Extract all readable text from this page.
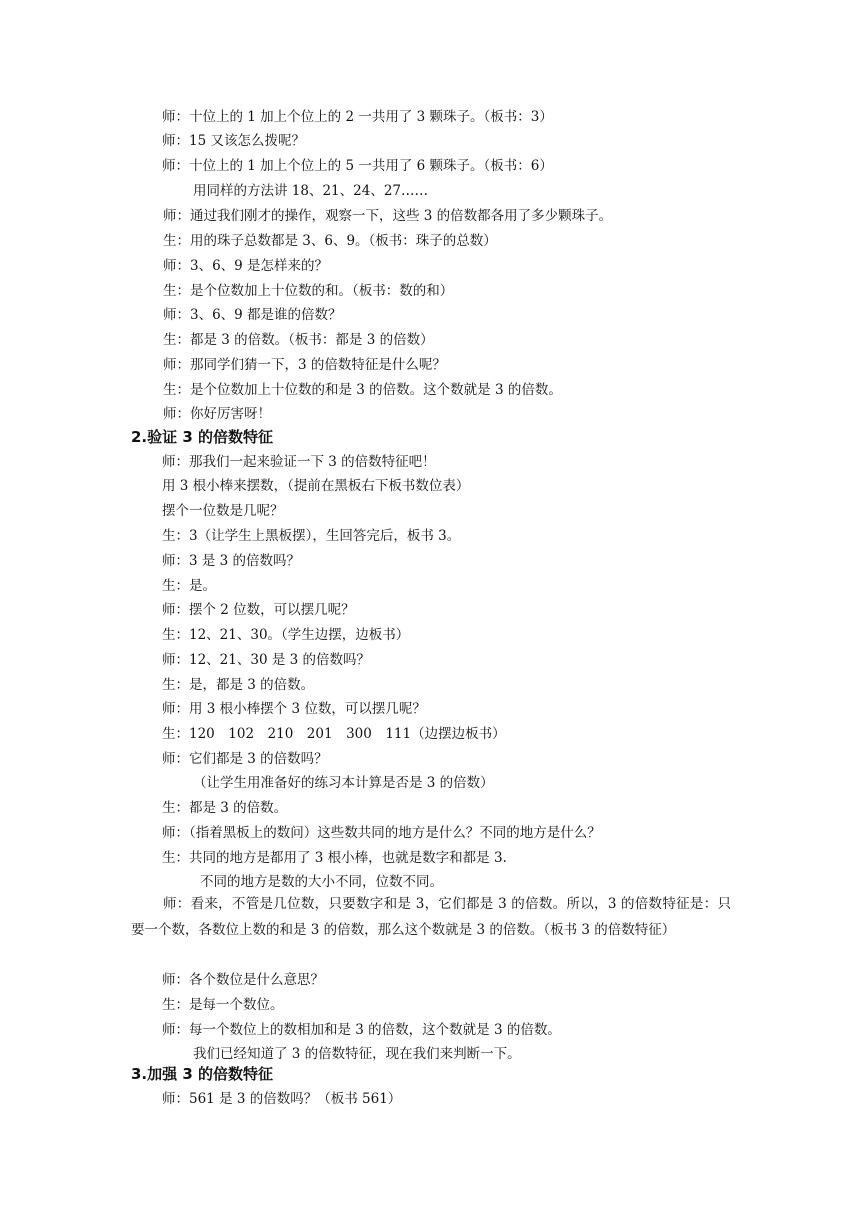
师：十位上的 1 加上个位上的 2 一共用了 3 颗珠子。（板书：3）
师：15 又该怎么拨呢？
师：十位上的 1 加上个位上的 5 一共用了 6 颗珠子。（板书：6）
用同样的方法讲 18、21、24、27……
师：通过我们刚才的操作，观察一下，这些 3 的倍数都各用了多少颗珠子。
生：用的珠子总数都是 3、6、9。（板书：珠子的总数）
师：3、6、9 是怎样来的？
生：是个位数加上十位数的和。（板书：数的和）
师：3、6、9 都是谁的倍数？
生：都是 3 的倍数。（板书：都是 3 的倍数）
师：那同学们猜一下，3 的倍数特征是什么呢？
生：是个位数加上十位数的和是 3 的倍数。这个数就是 3 的倍数。
师：你好厉害呀！
2.验证 3 的倍数特征
师：那我们一起来验证一下 3 的倍数特征吧！
用 3 根小棒来摆数，（提前在黑板右下板书数位表）
摆个一位数是几呢？
生：3（让学生上黑板摆），生回答完后，板书 3。
师：3 是 3 的倍数吗？
生：是。
师：摆个 2 位数，可以摆几呢？
生：12、21、30。（学生边摆，边板书）
师：12、21、30 是 3 的倍数吗？
生：是，都是 3 的倍数。
师：用 3 根小棒摆个 3 位数，可以摆几呢？
生：120　102　210　201　300　111（边摆边板书）
师：它们都是 3 的倍数吗？
（让学生用准备好的练习本计算是否是 3 的倍数）
生：都是 3 的倍数。
师：（指着黑板上的数问）这些数共同的地方是什么？不同的地方是什么？
生：共同的地方是都用了 3 根小棒，也就是数字和都是 3.
不同的地方是数的大小不同，位数不同。
师：看来，不管是几位数，只要数字和是 3，它们都是 3 的倍数。所以，3 的倍数特征是：只要一个数，各数位上数的和是 3 的倍数，那么这个数就是 3 的倍数。（板书 3 的倍数特征）
师：各个数位是什么意思？
生：是每一个数位。
师：每一个数位上的数相加和是 3 的倍数，这个数就是 3 的倍数。
我们已经知道了 3 的倍数特征，现在我们来判断一下。
3.加强 3 的倍数特征
师：561 是 3 的倍数吗？（板书 561）
